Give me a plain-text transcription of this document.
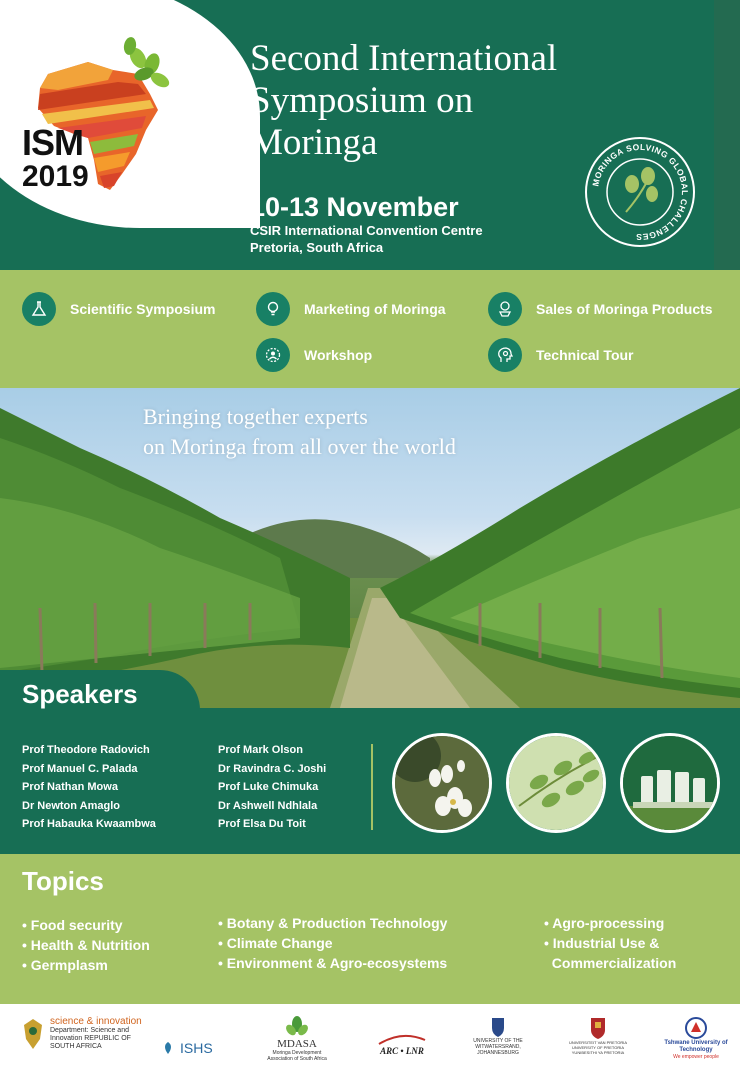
ISM
2019
Second International
Symposium on
Moringa
10-13 November
CSIR International Convention Centre
Pretoria, South Africa
MORINGA SOLVING GLOBAL CHALLENGES
Scientific Symposium	Marketing of Moringa	Sales of Moringa Products
Workshop	Technical Tour
Bringing together experts
on Moringa from all over the world
Speakers
Prof Theodore Radovich
Prof Manuel C. Palada
Prof Nathan Mowa
Dr Newton Amaglo
Prof Habauka Kwaambwa
Prof Mark Olson
Dr Ravindra C. Joshi
Prof Luke Chimuka
Dr Ashwell Ndhlala
Prof Elsa Du Toit
Topics
• Food security
• Health & Nutrition
• Germplasm
• Botany & Production Technology
• Climate Change
• Environment & Agro-ecosystems
• Agro-processing
• Industrial Use &
Commercialization
science & innovation
Department: Science and Innovation REPUBLIC OF SOUTH AFRICA	ISHS	MDASA
Moringa Development Association of South Africa
ARC • LNR
UNIVERSITY OF THE WITWATERSRAND, JOHANNESBURG
UNIVERSITEIT VAN PRETORIA UNIVERSITY OF PRETORIA YUNIBESITHI YA PRETORIA
Tshwane University of Technology
We empower people
